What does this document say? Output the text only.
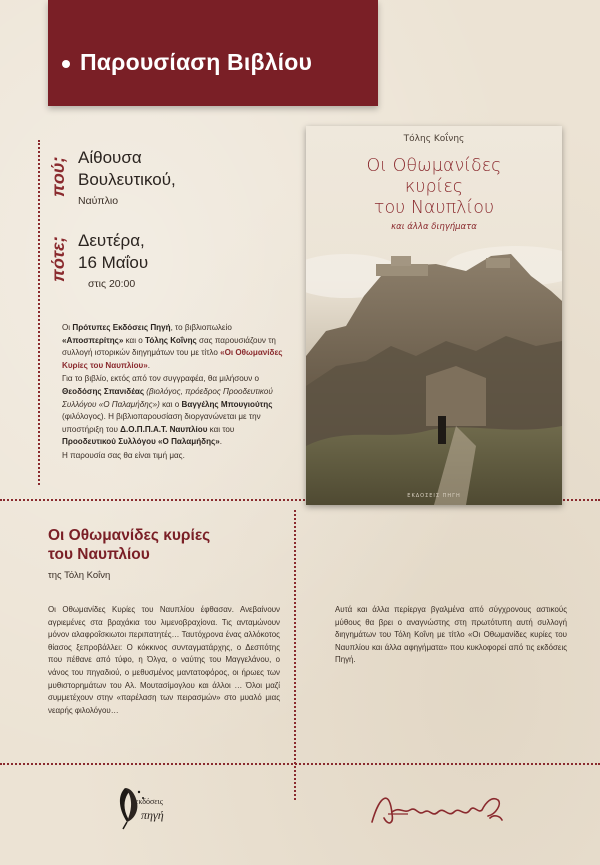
Παρουσίαση Βιβλίου
πού; Αίθουσα
Βουλευτικού,
Ναύπλιο
πότε; Δευτέρα,
16 Μαΐου
στις 20:00

Οι Πρότυπες Εκδόσεις Πηγή, το βιβλιοπωλείο «Αποσπερίτης» και ο Τόλης Κοΐνης σας παρουσιάζουν τη συλλογή ιστορικών διηγημάτων του με τίτλο «Οι Οθωμανίδες Κυρίες του Ναυπλίου».

Για το βιβλίο, εκτός από τον συγγραφέα, θα μιλήσουν ο Θεοδόσης Σπανιδέας (βιολόγος, πρόεδρος Προοδευτικού Συλλόγου «Ο Παλαμήδης») και ο Βαγγέλης Μπουγιούτης (φιλόλογος). Η βιβλιοπαρουσίαση διοργανώνεται με την υποστήριξη του Δ.Ο.Π.Π.Α.Τ. Ναυπλίου και του Προοδευτικού Συλλόγου «Ο Παλαμήδης».

Η παρουσία σας θα είναι τιμή μας.

Τόλης Κοΐνης
Οι Οθωμανίδες
κυρίες
του Ναυπλίου
και άλλα διηγήματα
ΕΚΔΟΣΕΙΣ ΠΗΓΗ
Οι Οθωμανίδες κυρίες
του Ναυπλίου
της Τόλη Κοΐνη
Οι Οθωμανίδες Κυρίες του Ναυπλίου έφθασαν. Ανεβαίνουν αγριεμένες στα βραχάκια του λιμενοβραχίονα. Τις ανταμώνουν μόνον αλαφροΐσκιωτοι περιπατητές… Ταυτόχρονα ένας αλλόκοτος θίασος ξεπροβάλλει: Ο κόκκινος συνταγματάρχης, ο Δεσπότης που πέθανε από τύφο, η Όλγα, ο ναύτης του Μαγγελάνου, ο νάνος του πηγαδιού, ο μεθυσμένος μαντατοφόρος, οι ήρωες των μυθιστορημάτων του Αλ. Μουτασίμογλου και άλλοι … Όλοι μαζί συμμετέχουν στην «παρέλαση των πειρασμών» στο μυαλό μιας νεαρής φιλολόγου…
Αυτά και άλλα περίεργα βγαλμένα από σύγχρονους αστικούς μύθους θα βρει ο αναγνώστης στη πρωτότυπη αυτή συλλογή διηγημάτων του Τόλη Κοΐνη με τίτλο «Οι Οθωμανίδες κυρίες του Ναυπλίου και άλλα αφηγήματα» που κυκλοφορεί από τις εκδόσεις Πηγή.
εκδόσεις
πηγή
